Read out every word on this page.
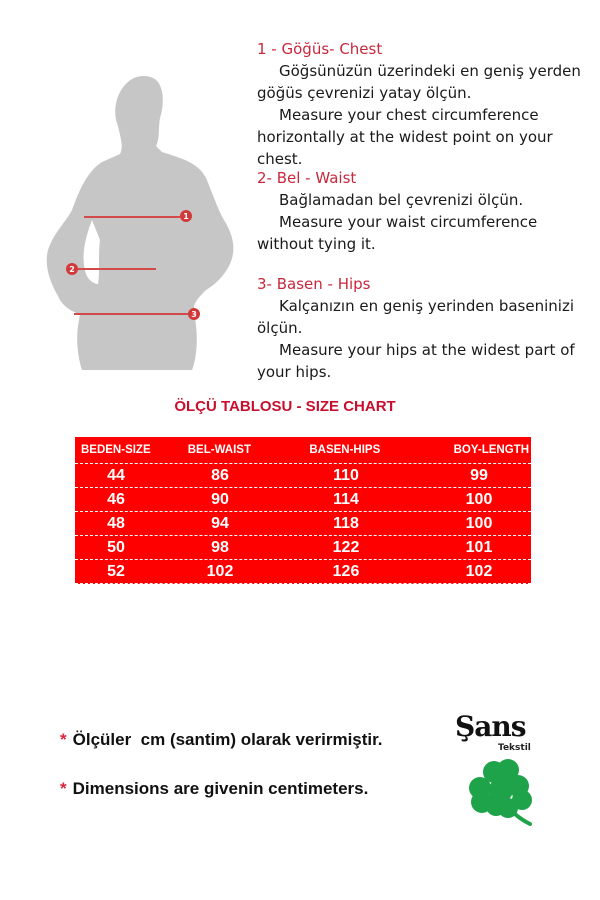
1
2
3
1 - Göğüs- Chest
Göğsünüzün üzerindeki en geniş yerden göğüs çevrenizi yatay ölçün.
Measure your chest circumference horizontally at the widest point on your chest.
2- Bel - Waist
Bağlamadan bel çevrenizi ölçün.
Measure your waist circumference without tying it.
3- Basen - Hips
Kalçanızın en geniş yerinden baseninizi ölçün.
Measure your hips at the widest part of your hips.
ÖLÇÜ TABLOSU - SIZE CHART
BEDEN-SIZE	BEL-WAIST	BASEN-HIPS	BOY-LENGTH
44	86	110	99
46	90	114	100
48	94	118	100
50	98	122	101
52	102	126	102
* Ölçüler  cm (santim) olarak verirmiştir.
* Dimensions are givenin centimeters.
Şans
Tekstil
